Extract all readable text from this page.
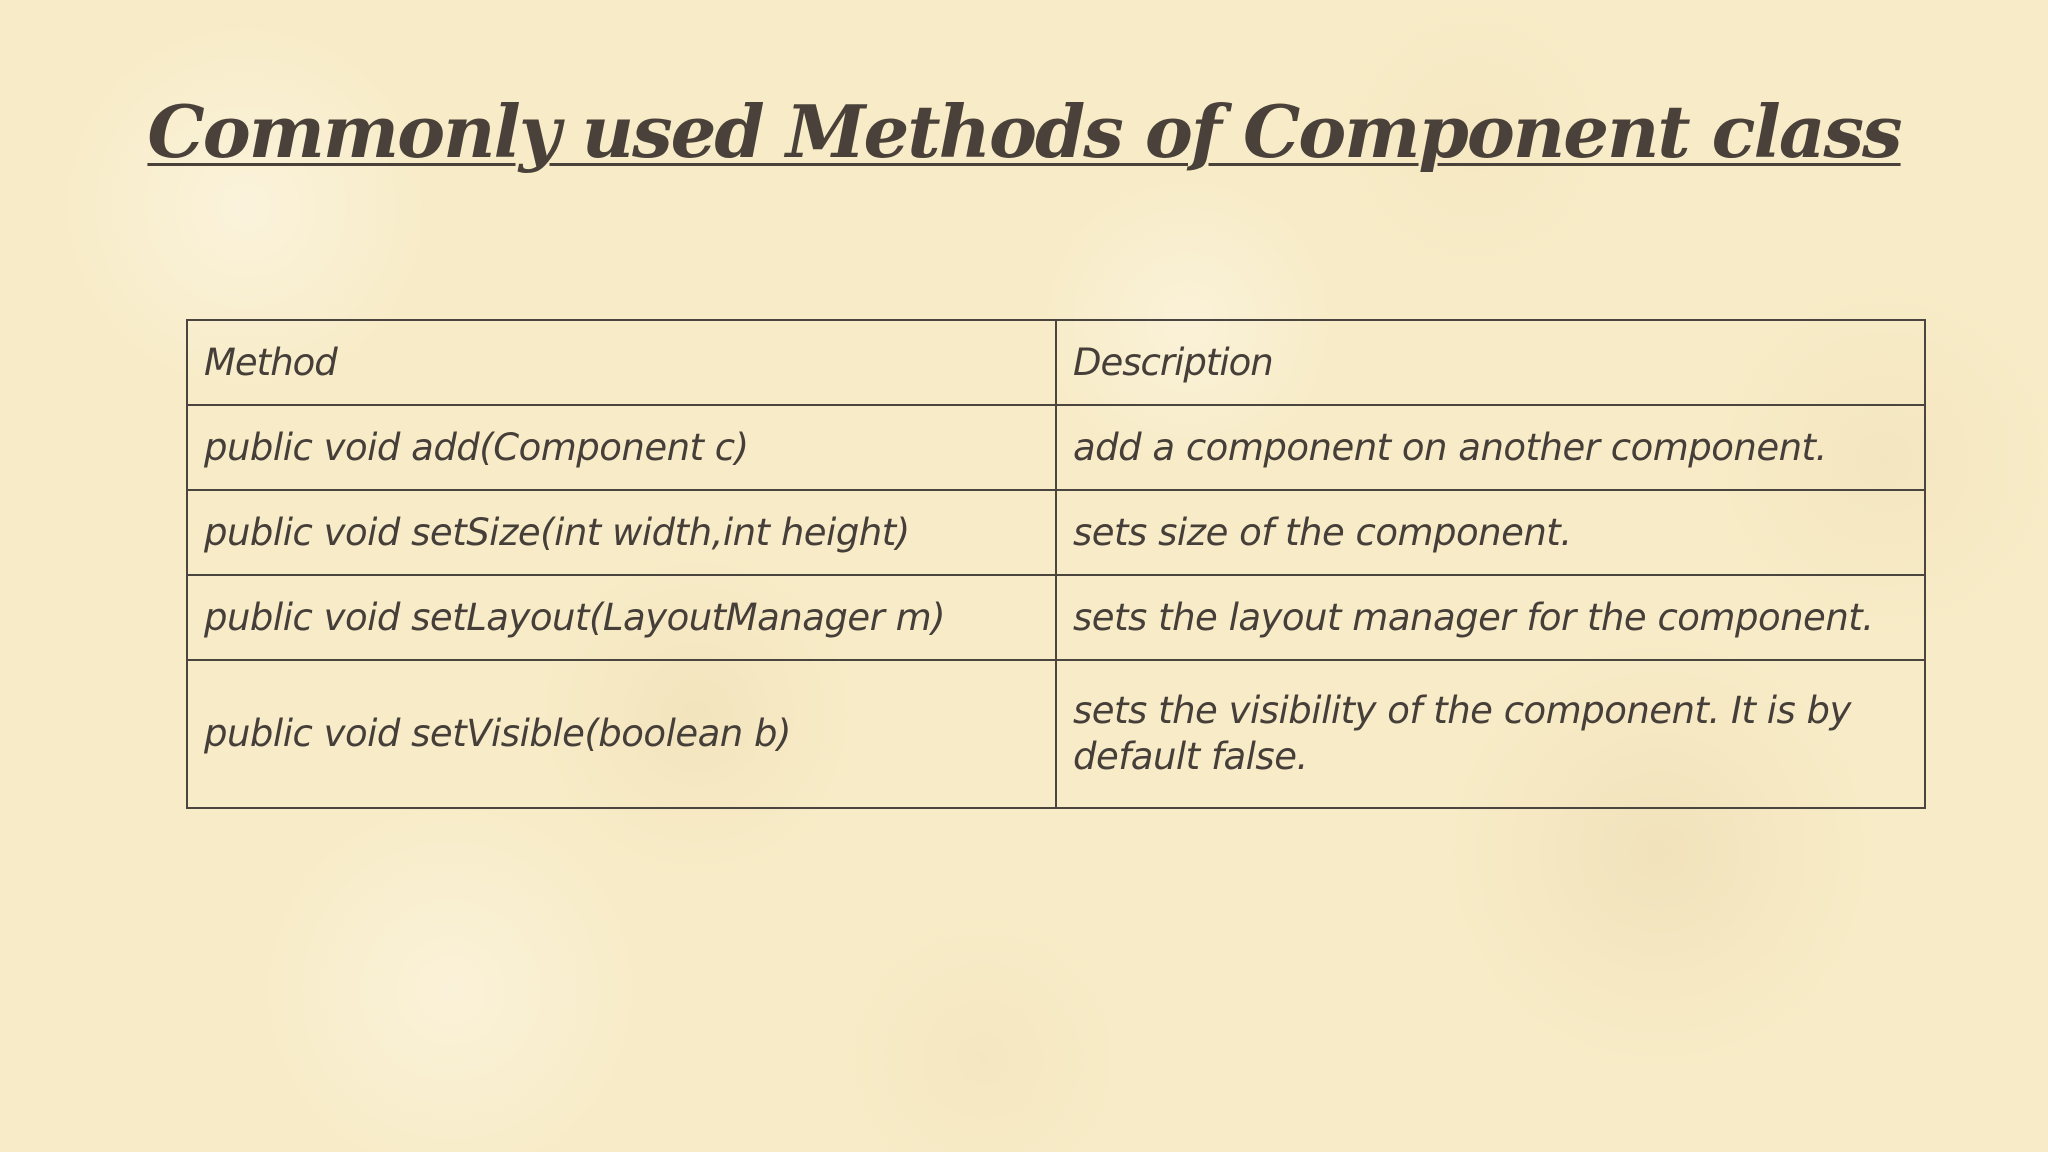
Commonly used Methods of Component class
Method	Description
public void add(Component c)	add a component on another component.
public void setSize(int width,int height)	sets size of the component.
public void setLayout(LayoutManager m)	sets the layout manager for the component.
public void setVisible(boolean b)	sets the visibility of the component. It is by default false.
